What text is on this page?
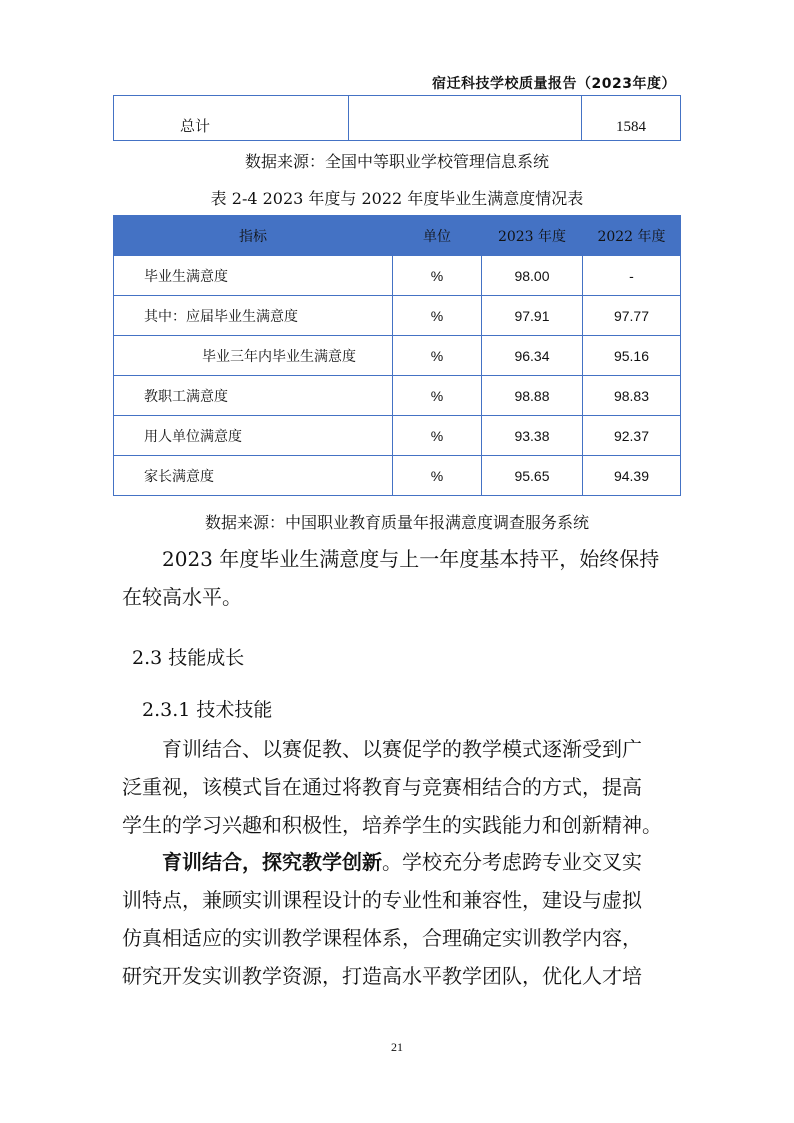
宿迁科技学校质量报告（2023年度）
总计		1584
数据来源：全国中等职业学校管理信息系统
表 2-4 2023 年度与 2022 年度毕业生满意度情况表
指标	单位	2023 年度	2022 年度
毕业生满意度	%	98.00	-
其中：应届毕业生满意度	%	97.91	97.77
毕业三年内毕业生满意度	%	96.34	95.16
教职工满意度	%	98.88	98.83
用人单位满意度	%	93.38	92.37
家长满意度	%	95.65	94.39
数据来源：中国职业教育质量年报满意度调查服务系统
2023 年度毕业生满意度与上一年度基本持平，始终保持
在较高水平。
2.3 技能成长
2.3.1 技术技能
育训结合、以赛促教、以赛促学的教学模式逐渐受到广
泛重视，该模式旨在通过将教育与竞赛相结合的方式，提高
学生的学习兴趣和积极性，培养学生的实践能力和创新精神。
育训结合，探究教学创新。学校充分考虑跨专业交叉实
训特点，兼顾实训课程设计的专业性和兼容性，建设与虚拟
仿真相适应的实训教学课程体系，合理确定实训教学内容，
研究开发实训教学资源，打造高水平教学团队，优化人才培
21
